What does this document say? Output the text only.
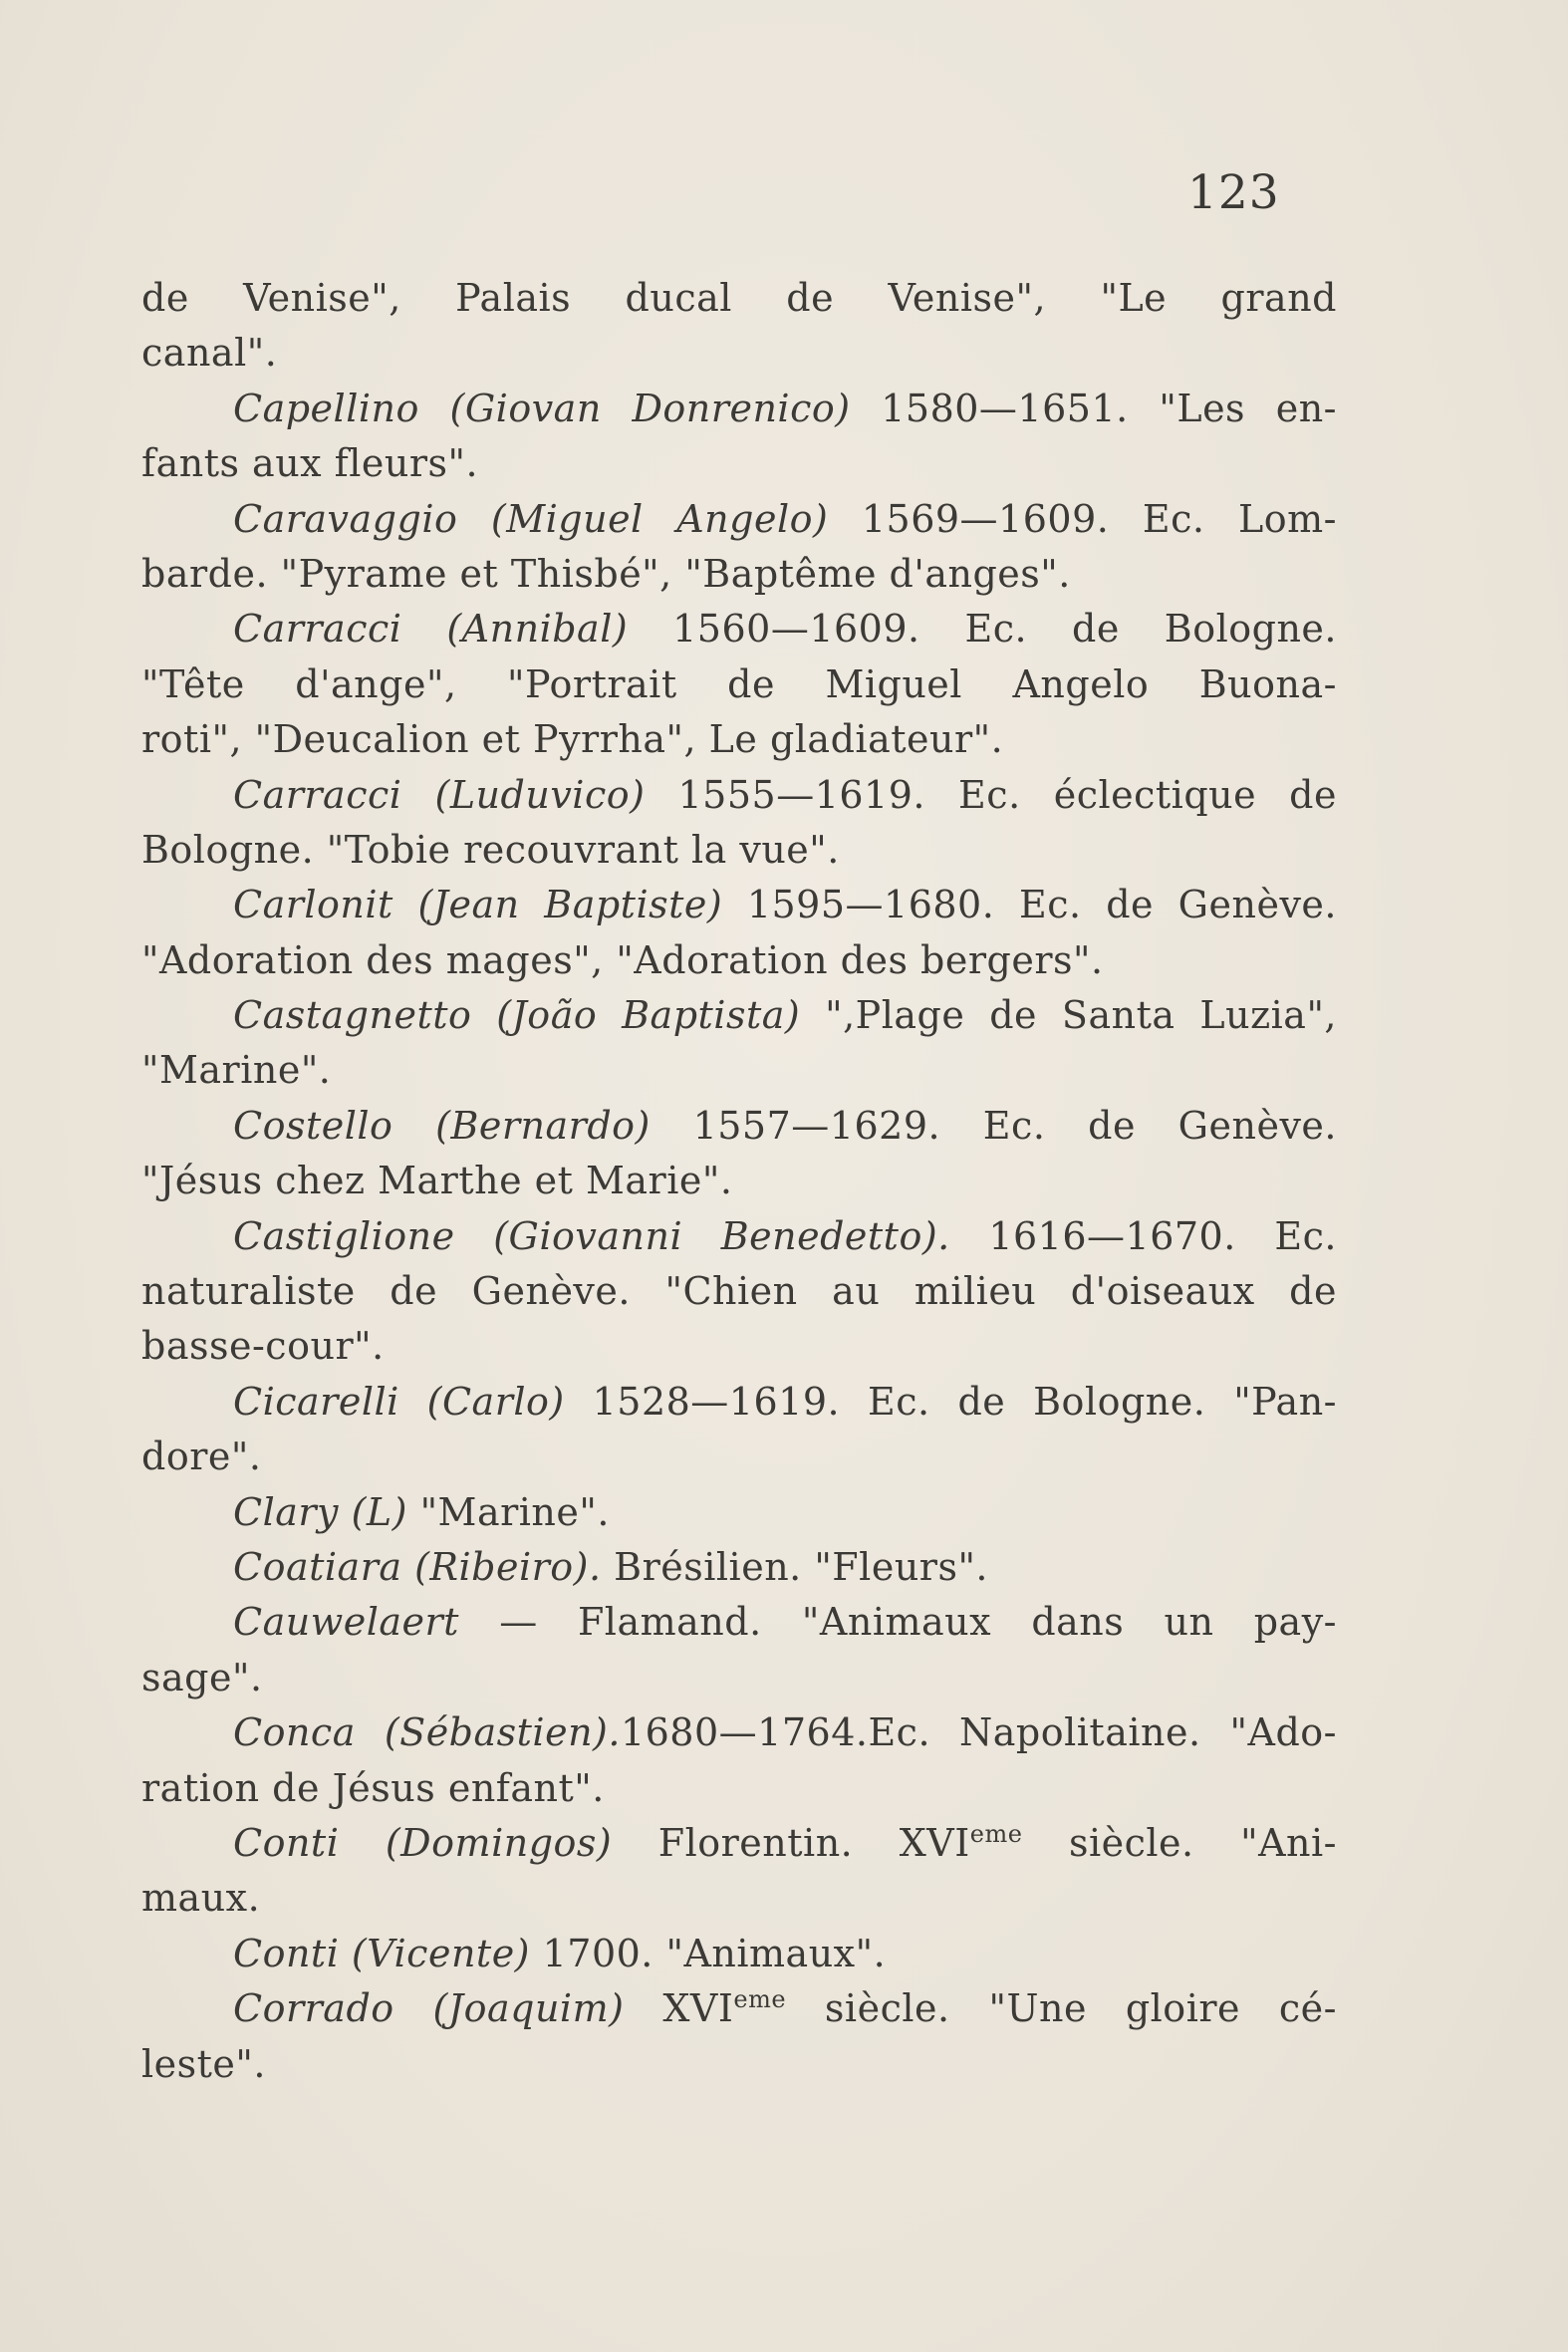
123
de Venise", Palais ducal de Venise", "Le grand
canal".
Capellino (Giovan Donrenico) 1580—1651. "Les en-
fants aux fleurs".
Caravaggio (Miguel Angelo) 1569—1609. Ec. Lom-
barde. "Pyrame et Thisbé", "Baptême d'anges".
Carracci (Annibal) 1560—1609. Ec. de Bologne.
"Tête d'ange", "Portrait de Miguel Angelo Buona-
roti", "Deucalion et Pyrrha", Le gladiateur".
Carracci (Luduvico) 1555—1619. Ec. éclectique de
Bologne. "Tobie recouvrant la vue".
Carlonit (Jean Baptiste) 1595—1680. Ec. de Genève.
"Adoration des mages", "Adoration des bergers".
Castagnetto (João Baptista) ",Plage de Santa Luzia",
"Marine".
Costello (Bernardo) 1557—1629. Ec. de Genève.
"Jésus chez Marthe et Marie".
Castiglione (Giovanni Benedetto). 1616—1670. Ec.
naturaliste de Genève. "Chien au milieu d'oiseaux de
basse-cour".
Cicarelli (Carlo) 1528—1619. Ec. de Bologne. "Pan-
dore".
Clary (L) "Marine".
Coatiara (Ribeiro). Brésilien. "Fleurs".
Cauwelaert — Flamand. "Animaux dans un pay-
sage".
Conca (Sébastien).1680—1764.Ec. Napolitaine. "Ado-
ration de Jésus enfant".
Conti (Domingos) Florentin. XVIeme siècle. "Ani-
maux.
Conti (Vicente) 1700. "Animaux".
Corrado (Joaquim) XVIeme siècle. "Une gloire cé-
leste".
